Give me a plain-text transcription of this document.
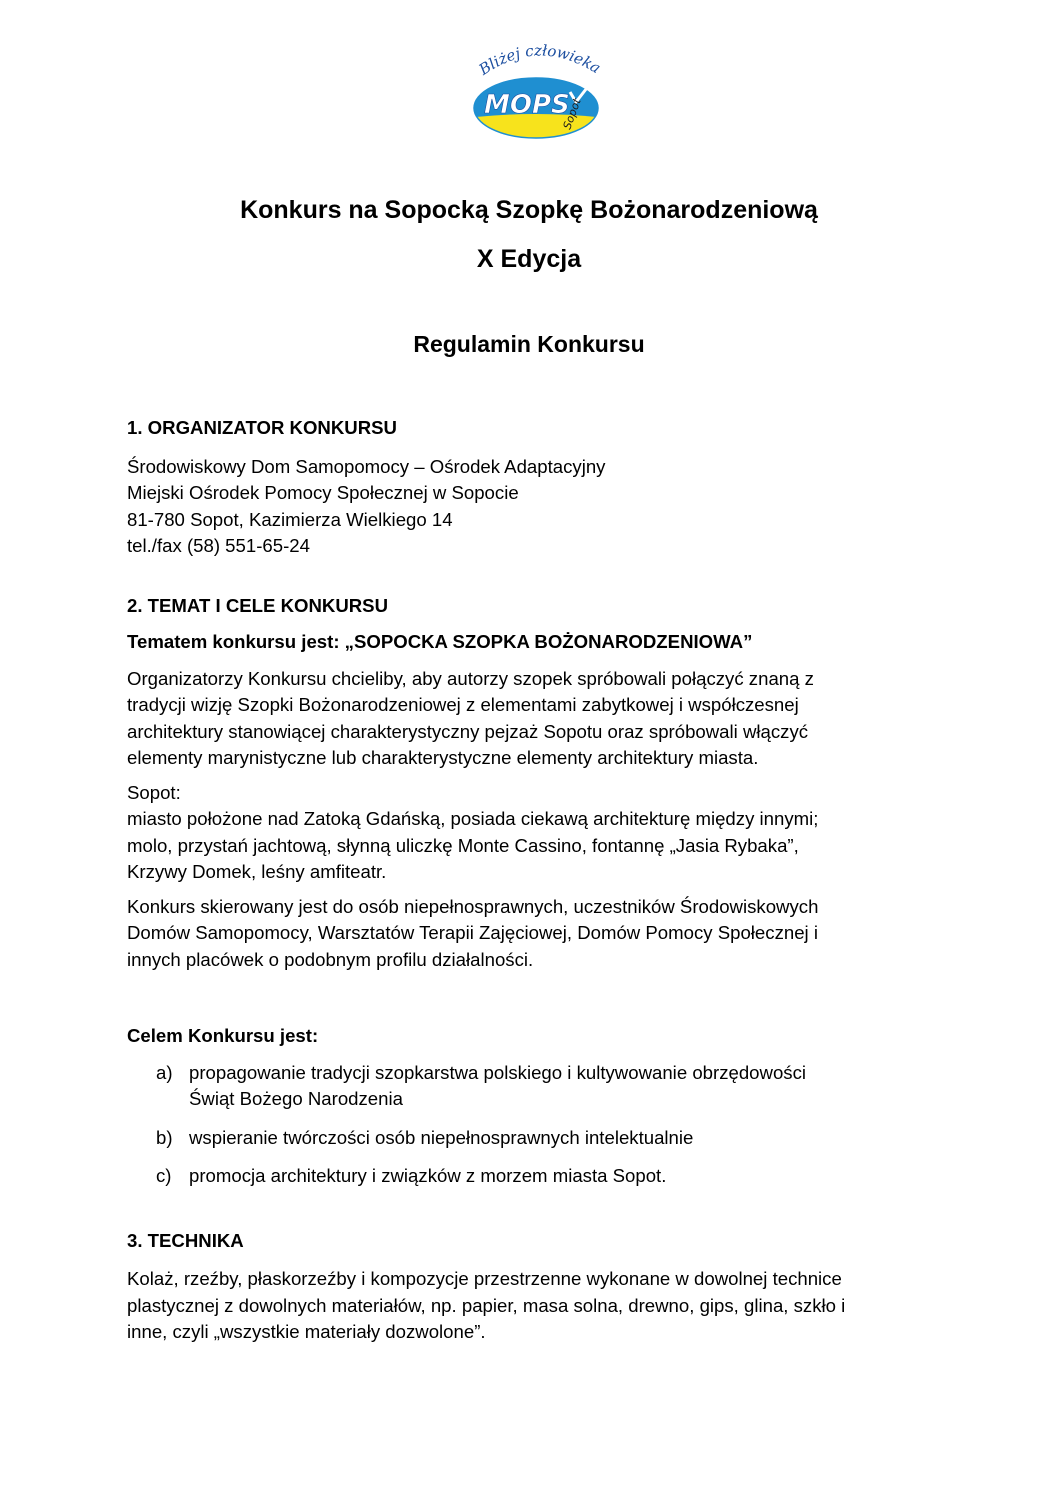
Bliżej człowieka
MOPS
Sopot
Konkurs na Sopocką Szopkę Bożonarodzeniową
X Edycja
Regulamin Konkursu

1. ORGANIZATOR KONKURSU

Środowiskowy Dom Samopomocy – Ośrodek Adaptacyjny
Miejski Ośrodek Pomocy Społecznej w Sopocie
81-780 Sopot, Kazimierza Wielkiego 14
tel./fax (58) 551-65-24

2. TEMAT I CELE KONKURSU

Tematem konkursu jest: „SOPOCKA SZOPKA BOŻONARODZENIOWA”

Organizatorzy Konkursu chcieliby, aby autorzy szopek spróbowali połączyć znaną z
tradycji wizję Szopki Bożonarodzeniowej z elementami zabytkowej i współczesnej
architektury stanowiącej charakterystyczny pejzaż Sopotu oraz spróbowali włączyć
elementy marynistyczne lub charakterystyczne elementy architektury miasta.

Sopot:
miasto położone nad Zatoką Gdańską, posiada ciekawą architekturę między innymi;
molo, przystań jachtową, słynną uliczkę Monte Cassino, fontannę „Jasia Rybaka”,
Krzywy Domek, leśny amfiteatr.

Konkurs skierowany jest do osób niepełnosprawnych, uczestników Środowiskowych
Domów Samopomocy, Warsztatów Terapii Zajęciowej, Domów Pomocy Społecznej i
innych placówek o podobnym profilu działalności.

Celem Konkursu jest:

a) propagowanie tradycji szopkarstwa polskiego i kultywowanie obrzędowości
Świąt Bożego Narodzenia
b) wspieranie twórczości osób niepełnosprawnych intelektualnie
c) promocja architektury i związków z morzem miasta Sopot.

3. TECHNIKA

Kolaż, rzeźby, płaskorzeźby i kompozycje przestrzenne wykonane w dowolnej technice
plastycznej z dowolnych materiałów, np. papier, masa solna, drewno, gips, glina, szkło i
inne, czyli „wszystkie materiały dozwolone”.
